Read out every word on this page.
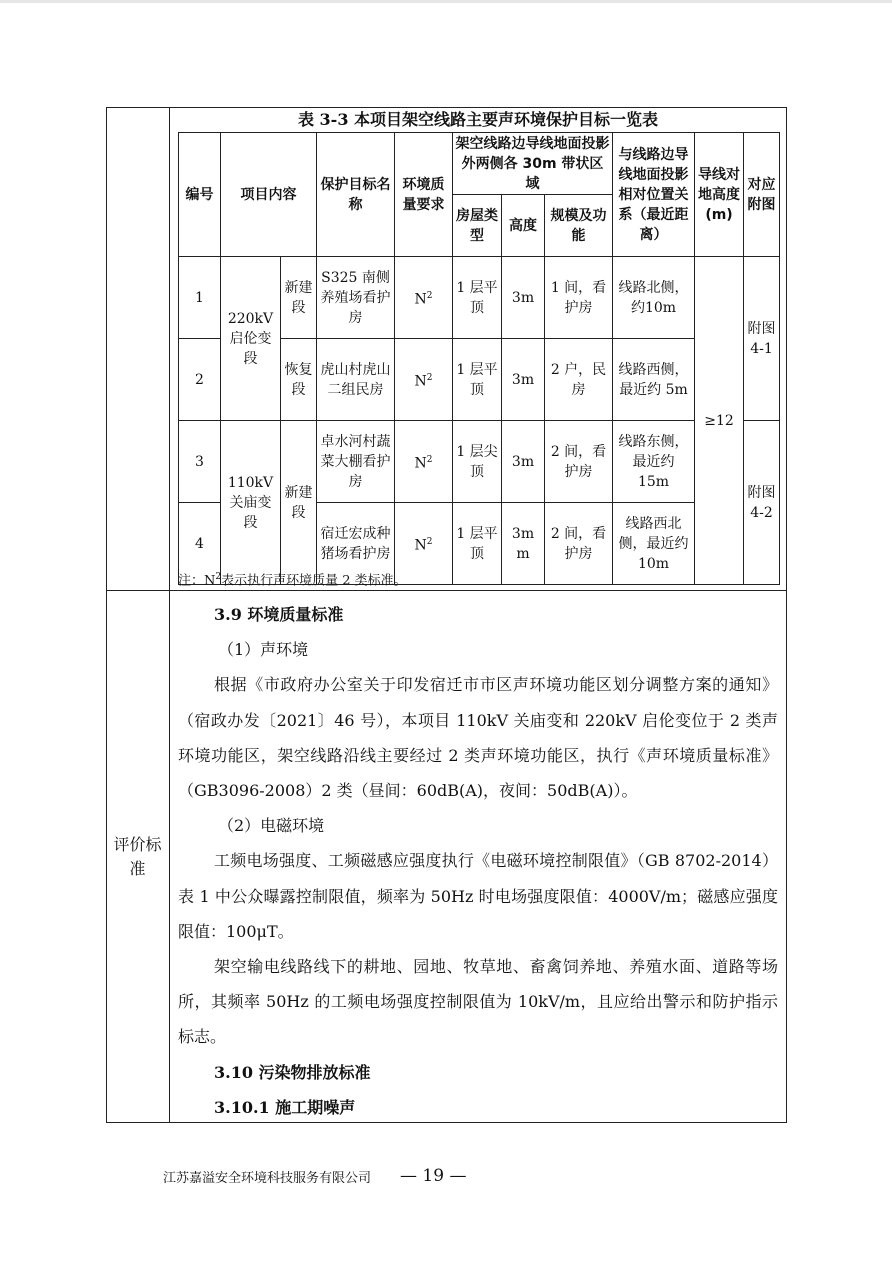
评价标准
表 3-3 本项目架空线路主要声环境保护目标一览表
编号	项目内容		保护目标名称	环境质量要求	架空线路边导线地面投影外两侧各 30m 带状区域			与线路边导线地面投影相对位置关系（最近距离）	导线对地高度(m)	对应附图
					房屋类型	高度	规模及功能			
1	220kV 启伦变段	新建段	S325 南侧养殖场看护房	$N^2$	1 层平顶	3m	1 间，看护房	线路北侧，约10m	≥12	附图4-1
2		恢复段	虎山村虎山二组民房	$N^2$	1 层平顶	3m	2 户，民房	线路西侧，最近约 5m		
3	110kV 关庙变段	新建段	卓水河村蔬菜大棚看护房	$N^2$	1 层尖顶	3m	2 间，看护房	线路东侧，最近约 15m		附图4-2
4			宿迁宏成种猪场看护房	$N^2$	1 层平顶	3m m	2 间，看护房	线路西北侧，最近约 10m		
注：$N^2$表示执行声环境质量 2 类标准。

3.9 环境质量标准

（1）声环境

根据《市政府办公室关于印发宿迁市市区声环境功能区划分调整方案的通知》（宿政办发〔2021〕46 号），本项目 110kV 关庙变和 220kV 启伦变位于 2 类声环境功能区，架空线路沿线主要经过 2 类声环境功能区，执行《声环境质量标准》（GB3096-2008）2 类（昼间：60dB(A)，夜间：50dB(A)）。

（2）电磁环境

工频电场强度、工频磁感应强度执行《电磁环境控制限值》（GB 8702-2014）表 1 中公众曝露控制限值，频率为 50Hz 时电场强度限值：4000V/m；磁感应强度限值：100μT。

架空输电线路线下的耕地、园地、牧草地、畜禽饲养地、养殖水面、道路等场所，其频率 50Hz 的工频电场强度控制限值为 10kV/m，且应给出警示和防护指示标志。

3.10 污染物排放标准

3.10.1 施工期噪声

江苏嘉溢安全环境科技服务有限公司 — 19 —
